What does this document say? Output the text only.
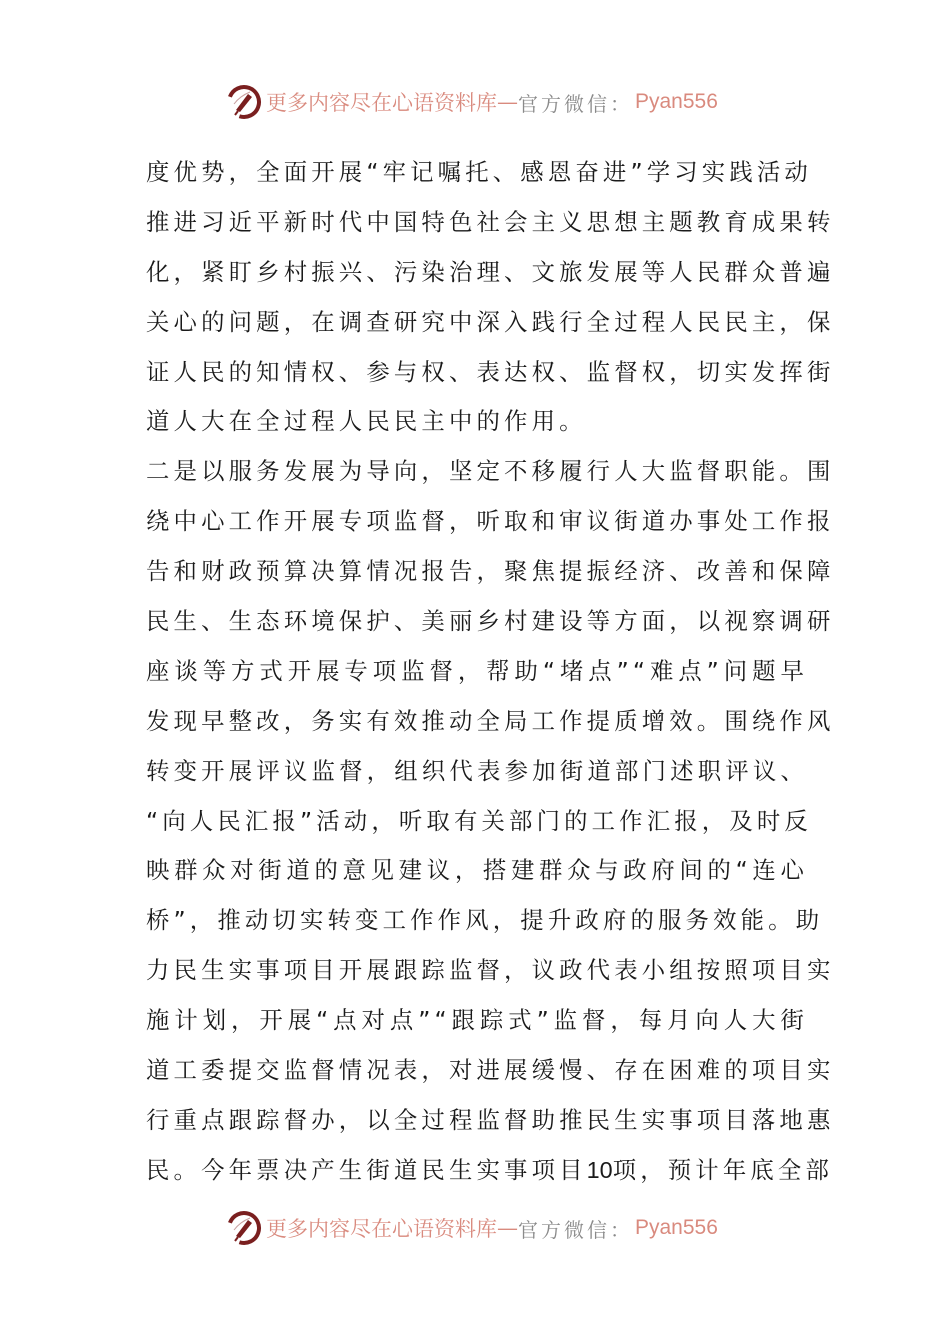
更多内容尽在心语资料库 — 官方微信： Pyan556
度优势，全面开展“牢记嘱托、感恩奋进”学习实践活动
推进习近平新时代中国特色社会主义思想主题教育成果转
化，紧盯乡村振兴、污染治理、文旅发展等人民群众普遍
关心的问题，在调查研究中深入践行全过程人民民主，保
证人民的知情权、参与权、表达权、监督权，切实发挥街
道人大在全过程人民民主中的作用。
二是以服务发展为导向，坚定不移履行人大监督职能。围
绕中心工作开展专项监督，听取和审议街道办事处工作报
告和财政预算决算情况报告，聚焦提振经济、改善和保障
民生、生态环境保护、美丽乡村建设等方面，以视察调研
座谈等方式开展专项监督，帮助“堵点”“难点”问题早
发现早整改，务实有效推动全局工作提质增效。围绕作风
转变开展评议监督，组织代表参加街道部门述职评议、
“向人民汇报”活动，听取有关部门的工作汇报，及时反
映群众对街道的意见建议，搭建群众与政府间的“连心
桥”，推动切实转变工作作风，提升政府的服务效能。助
力民生实事项目开展跟踪监督，议政代表小组按照项目实
施计划，开展“点对点”“跟踪式”监督，每月向人大街
道工委提交监督情况表，对进展缓慢、存在困难的项目实
行重点跟踪督办，以全过程监督助推民生实事项目落地惠
民。今年票决产生街道民生实事项目10项，预计年底全部
更多内容尽在心语资料库 — 官方微信： Pyan556
